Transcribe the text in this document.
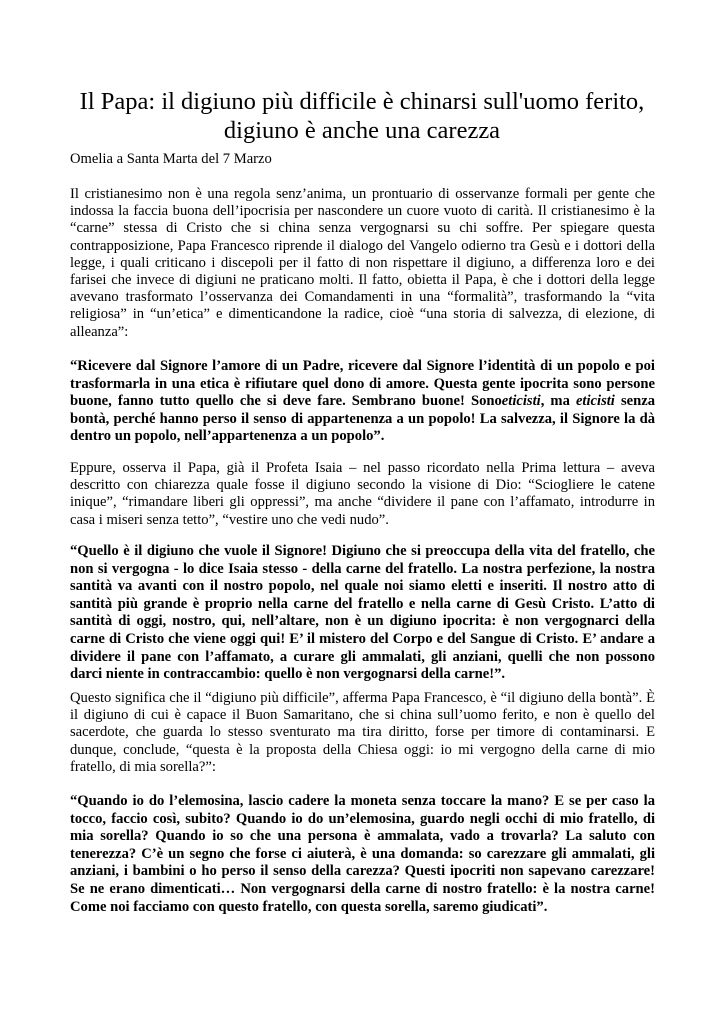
Il Papa: il digiuno più difficile è chinarsi sull'uomo ferito, digiuno è anche una carezza

Omelia a Santa Marta del 7 Marzo

Il cristianesimo non è una regola senz’anima, un prontuario di osservanze formali per gente che indossa la faccia buona dell’ipocrisia per nascondere un cuore vuoto di carità. Il cristianesimo è la “carne” stessa di Cristo che si china senza vergognarsi su chi soffre. Per spiegare questa contrapposizione, Papa Francesco riprende il dialogo del Vangelo odierno tra Gesù e i dottori della legge, i quali criticano i discepoli per il fatto di non rispettare il digiuno, a differenza loro e dei farisei che invece di digiuni ne praticano molti. Il fatto, obietta il Papa, è che i dottori della legge avevano trasformato l’osservanza dei Comandamenti in una “formalità”, trasformando la “vita religiosa” in “un’etica” e dimenticandone la radice, cioè “una storia di salvezza, di elezione, di alleanza”:

“Ricevere dal Signore l’amore di un Padre, ricevere dal Signore l’identità di un popolo e poi trasformarla in una etica è rifiutare quel dono di amore. Questa gente ipocrita sono persone buone, fanno tutto quello che si deve fare. Sembrano buone! Sonoeticisti, ma eticisti senza bontà, perché hanno perso il senso di appartenenza a un popolo! La salvezza, il Signore la dà dentro un popolo, nell’appartenenza a un popolo”.

Eppure, osserva il Papa, già il Profeta Isaia – nel passo ricordato nella Prima lettura – aveva descritto con chiarezza quale fosse il digiuno secondo la visione di Dio: “Sciogliere le catene inique”, “rimandare liberi gli oppressi”, ma anche “dividere il pane con l’affamato, introdurre in casa i miseri senza tetto”, “vestire uno che vedi nudo”.

“Quello è il digiuno che vuole il Signore! Digiuno che si preoccupa della vita del fratello, che non si vergogna - lo dice Isaia stesso - della carne del fratello. La nostra perfezione, la nostra santità va avanti con il nostro popolo, nel quale noi siamo eletti e inseriti. Il nostro atto di santità più grande è proprio nella carne del fratello e nella carne di Gesù Cristo. L’atto di santità di oggi, nostro, qui, nell’altare, non è un digiuno ipocrita: è non vergognarci della carne di Cristo che viene oggi qui! E’ il mistero del Corpo e del Sangue di Cristo. E’ andare a dividere il pane con l’affamato, a curare gli ammalati, gli anziani, quelli che non possono darci niente in contraccambio: quello è non vergognarsi della carne!”.

Questo significa che il “digiuno più difficile”, afferma Papa Francesco, è “il digiuno della bontà”. È il digiuno di cui è capace il Buon Samaritano, che si china sull’uomo ferito, e non è quello del sacerdote, che guarda lo stesso sventurato ma tira diritto, forse per timore di contaminarsi. E dunque, conclude, “questa è la proposta della Chiesa oggi: io mi vergogno della carne di mio fratello, di mia sorella?”:

“Quando io do l’elemosina, lascio cadere la moneta senza toccare la mano? E se per caso la tocco, faccio così, subito? Quando io do un’elemosina, guardo negli occhi di mio fratello, di mia sorella? Quando io so che una persona è ammalata, vado a trovarla? La saluto con tenerezza? C’è un segno che forse ci aiuterà, è una domanda: so carezzare gli ammalati, gli anziani, i bambini o ho perso il senso della carezza? Questi ipocriti non sapevano carezzare! Se ne erano dimenticati… Non vergognarsi della carne di nostro fratello: è la nostra carne! Come noi facciamo con questo fratello, con questa sorella, saremo giudicati”.
